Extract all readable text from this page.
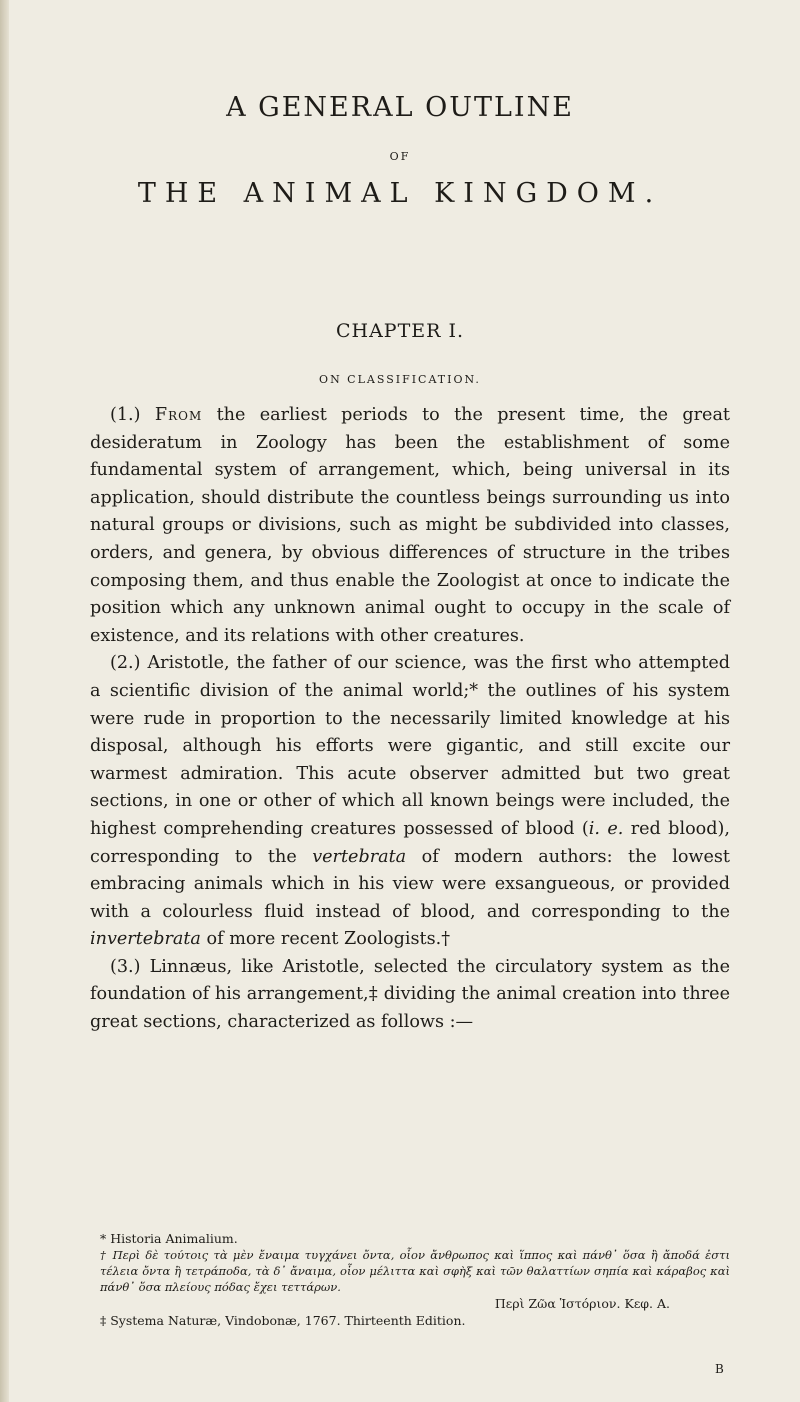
A GENERAL OUTLINE
OF
THE ANIMAL KINGDOM.
CHAPTER I.
ON CLASSIFICATION.

(1.) From the earliest periods to the present time, the great desideratum in Zoology has been the establishment of some fundamental system of arrangement, which, being universal in its application, should distribute the countless beings surrounding us into natural groups or divisions, such as might be subdivided into classes, orders, and genera, by obvious differences of structure in the tribes composing them, and thus enable the Zoologist at once to indicate the position which any unknown animal ought to occupy in the scale of existence, and its relations with other creatures.

(2.) Aristotle, the father of our science, was the first who attempted a scientific division of the animal world;* the outlines of his system were rude in proportion to the necessarily limited knowledge at his disposal, although his efforts were gigantic, and still excite our warmest admiration. This acute observer admitted but two great sections, in one or other of which all known beings were included, the highest comprehending creatures possessed of blood (i. e. red blood), corresponding to the vertebrata of modern authors: the lowest embracing animals which in his view were exsangueous, or provided with a colourless fluid instead of blood, and corresponding to the invertebrata of more recent Zoologists.†

(3.) Linnæus, like Aristotle, selected the circulatory system as the foundation of his arrangement,‡ dividing the animal creation into three great sections, characterized as follows :—

* Historia Animalium.
† Περὶ δὲ τούτοις τὰ μὲν ἔναιμα τυγχάνει ὄντα, οἷον ἄνθρωπος καὶ ἵππος καὶ πάνθ᾽ ὅσα ἢ ἄποδά ἐστι τέλεια ὄντα ἢ τετράποδα, τὰ δ᾽ ἄναιμα, οἷον μέλιττα καὶ σφὴξ καὶ τῶν θαλαττίων σηπία καὶ κάραβος καὶ πάνθ᾽ ὅσα πλείους πόδας ἔχει τεττάρων.
Περὶ Ζῶα Ἱστόριον. Κεφ. Α.
‡ Systema Naturæ, Vindobonæ, 1767. Thirteenth Edition.
B
